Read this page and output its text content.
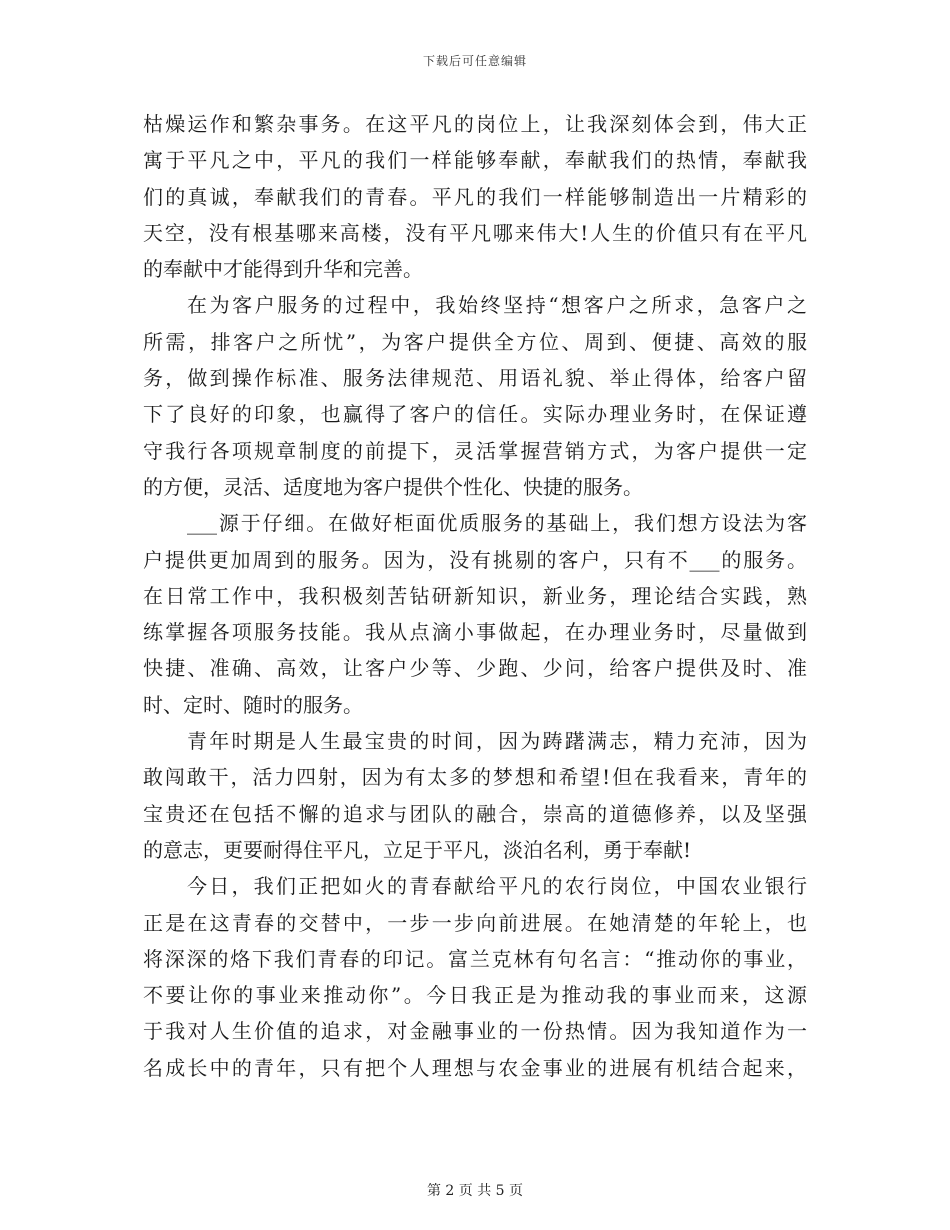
下载后可任意编辑
枯燥运作和繁杂事务。在这平凡的岗位上，让我深刻体会到，伟大正
寓于平凡之中，平凡的我们一样能够奉献，奉献我们的热情，奉献我
们的真诚，奉献我们的青春。平凡的我们一样能够制造出一片精彩的
天空，没有根基哪来高楼，没有平凡哪来伟大!人生的价值只有在平凡
的奉献中才能得到升华和完善。
在为客户服务的过程中，我始终坚持“想客户之所求，急客户之
所需，排客户之所忧”，为客户提供全方位、周到、便捷、高效的服
务，做到操作标准、服务法律规范、用语礼貌、举止得体，给客户留
下了良好的印象，也赢得了客户的信任。实际办理业务时，在保证遵
守我行各项规章制度的前提下，灵活掌握营销方式，为客户提供一定
的方便，灵活、适度地为客户提供个性化、快捷的服务。
___源于仔细。在做好柜面优质服务的基础上，我们想方设法为客
户提供更加周到的服务。因为，没有挑剔的客户，只有不___的服务。
在日常工作中，我积极刻苦钻研新知识，新业务，理论结合实践，熟
练掌握各项服务技能。我从点滴小事做起，在办理业务时，尽量做到
快捷、准确、高效，让客户少等、少跑、少问，给客户提供及时、准
时、定时、随时的服务。
青年时期是人生最宝贵的时间，因为踌躇满志，精力充沛，因为
敢闯敢干，活力四射，因为有太多的梦想和希望!但在我看来，青年的
宝贵还在包括不懈的追求与团队的融合，崇高的道德修养，以及坚强
的意志，更要耐得住平凡，立足于平凡，淡泊名利，勇于奉献!
今日，我们正把如火的青春献给平凡的农行岗位，中国农业银行
正是在这青春的交替中，一步一步向前进展。在她清楚的年轮上，也
将深深的烙下我们青春的印记。富兰克林有句名言：“推动你的事业，
不要让你的事业来推动你”。今日我正是为推动我的事业而来，这源
于我对人生价值的追求，对金融事业的一份热情。因为我知道作为一
名成长中的青年，只有把个人理想与农金事业的进展有机结合起来，
第 2 页 共 5 页
